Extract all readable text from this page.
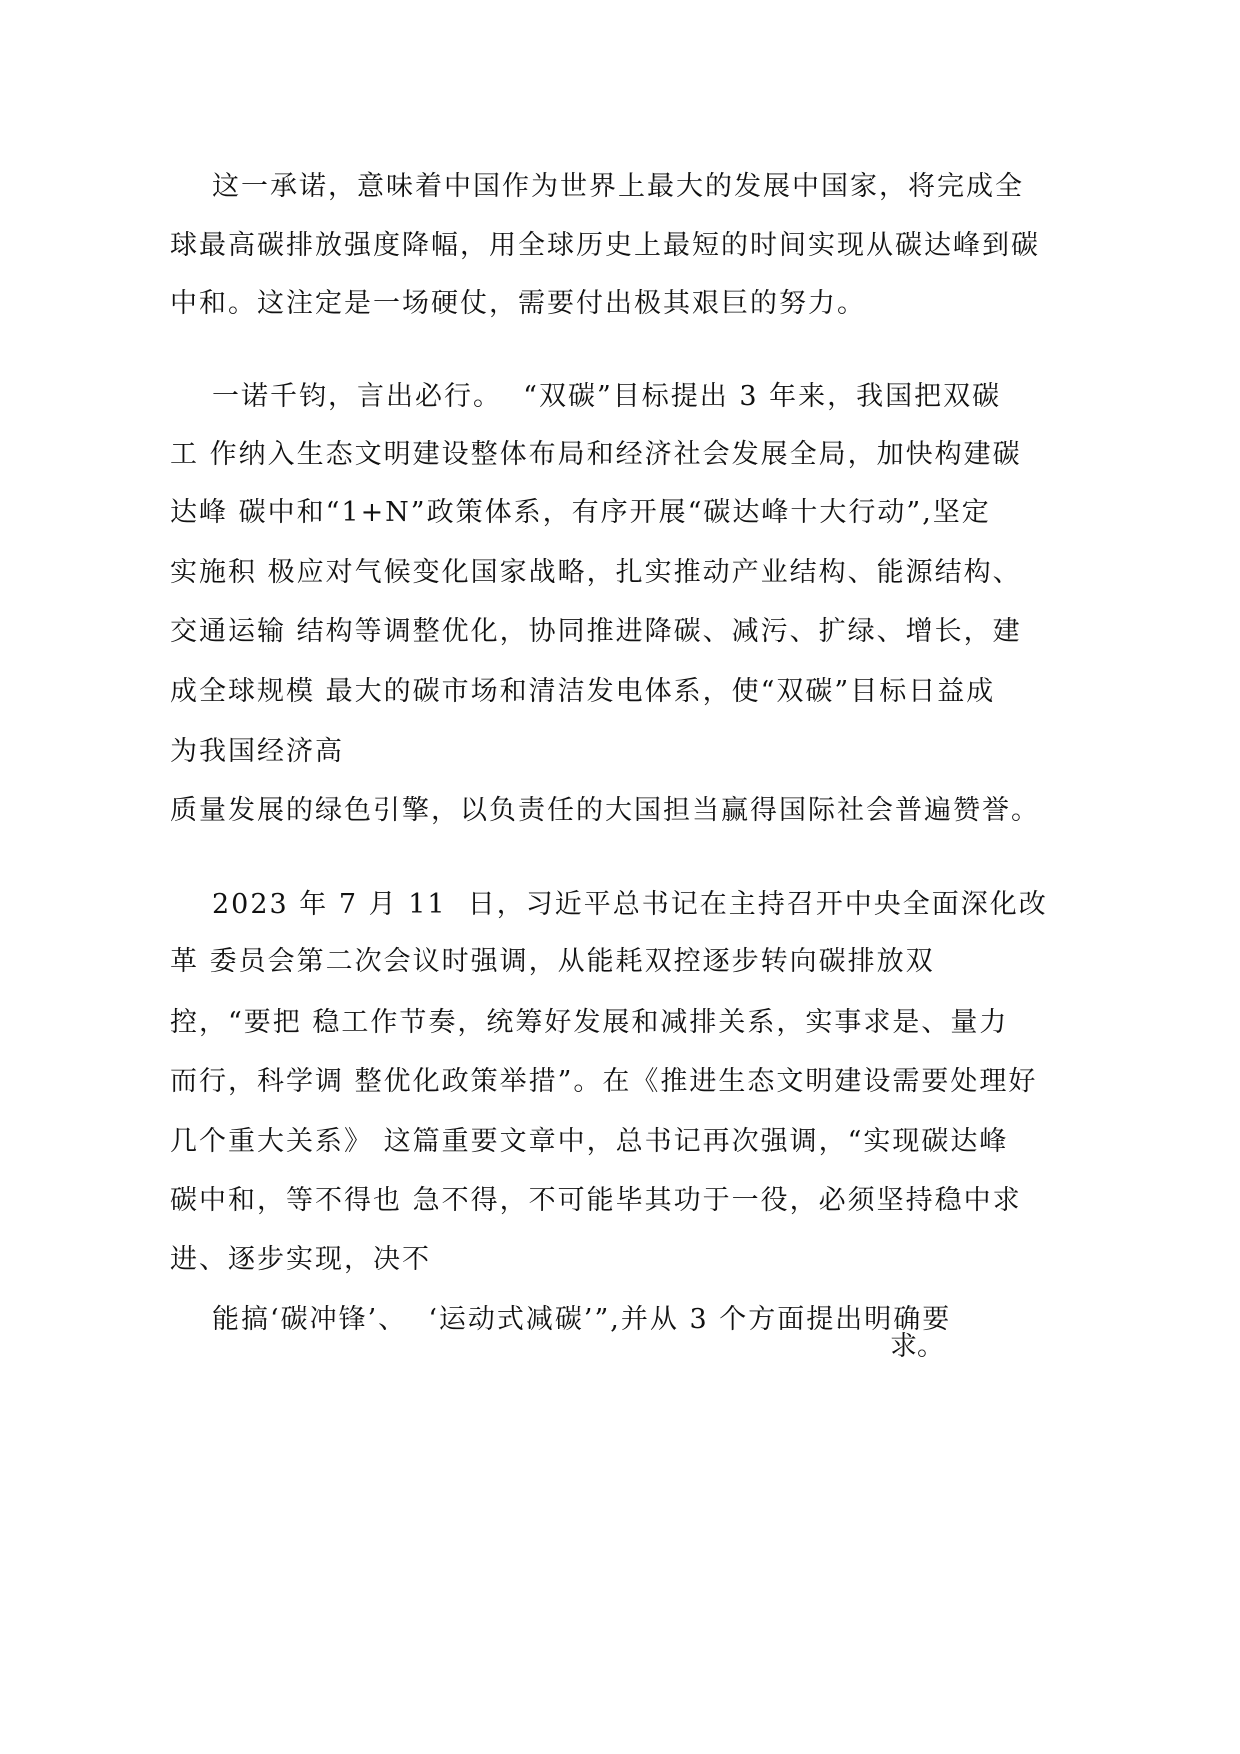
这一承诺，意味着中国作为世界上最大的发展中国家，将完成全
球最高碳排放强度降幅，用全球历史上最短的时间实现从碳达峰到碳
中和。这注定是一场硬仗，需要付出极其艰巨的努力。
一诺千钧，言出必行。  “双碳”目标提出 3 年来，我国把双碳
工 作纳入生态文明建设整体布局和经济社会发展全局，加快构建碳
达峰 碳中和“1+N”政策体系，有序开展“碳达峰十大行动”,坚定
实施积 极应对气候变化国家战略，扎实推动产业结构、能源结构、
交通运输 结构等调整优化，协同推进降碳、减污、扩绿、增长，建
成全球规模 最大的碳市场和清洁发电体系，使“双碳”目标日益成
为我国经济高
质量发展的绿色引擎，以负责任的大国担当赢得国际社会普遍赞誉。
2023 年 7 月 11  日，习近平总书记在主持召开中央全面深化改
革 委员会第二次会议时强调，从能耗双控逐步转向碳排放双
控，“要把 稳工作节奏，统筹好发展和减排关系，实事求是、量力
而行，科学调 整优化政策举措”。在《推进生态文明建设需要处理好
几个重大关系》 这篇重要文章中，总书记再次强调，“实现碳达峰
碳中和，等不得也 急不得，不可能毕其功于一役，必须坚持稳中求
进、逐步实现，决不
能搞‘碳冲锋’、  ‘运动式减碳’”,并从 3 个方面提出明确要
求。
